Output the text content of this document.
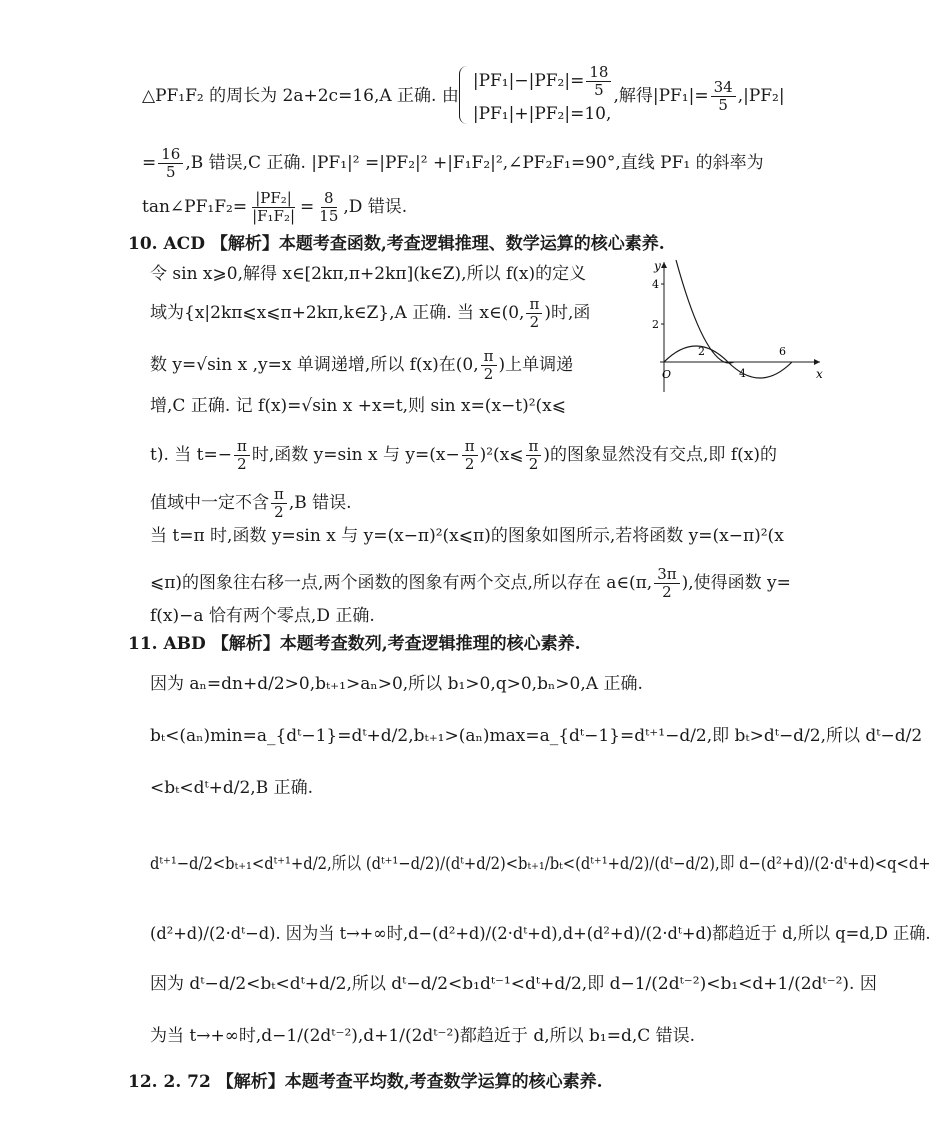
△PF₁F₂ 的周长为 2a+2c=16,A 正确. 由
$|PF_1|-|PF_2|= \frac{18}{5}$
|PF₁|+|PF₂|=10,
,解得$|PF_1|= \frac{34}{5} ,|PF_2|$
= $\frac{16}{5} ,B$ 错误,C 正确. |PF₁|² =|PF₂|² +|F₁F₂|²,∠PF₂F₁=90°,直线 PF₁ 的斜率为
tan∠PF₁F₂= $\frac{\text{|PF₂|}}{\text{|F₁F₂|}} = \frac{8}{15} ,D$ 错误.
10. ACD 【解析】本题考查函数,考查逻辑推理、数学运算的核心素养.
令 sin x⩾0,解得 x∈[2kπ,π+2kπ](k∈Z),所以 f(x)的定义
域为{x|2kπ⩽x⩽π+2kπ,k∈Z},A 正确. 当 x∈(0, $\frac{\pi}{2}$ )时,函
数 y=√sin x ,y=x 单调递增,所以 f(x)在(0, $\frac{\pi}{2}$ )上单调递
增,C 正确. 记 f(x)=√sin x +x=t,则 sin x=(x−t)²(x⩽
t). 当 $t=- \frac{\pi}{2}$ 时,函数 y=sin x 与 $y=(x- \frac{\pi}{2}$ )²(x⩽ $\frac{\pi}{2}$ )的图象显然没有交点,即 f(x)的
值域中一定不含 $\frac{\pi}{2} ,B$ 错误.
当 t=π 时,函数 y=sin x 与 y=(x−π)²(x⩽π)的图象如图所示,若将函数 y=(x−π)²(x
⩽π)的图象往右移一点,两个函数的图象有两个交点,所以存在 a∈(π, $\frac{3\pi}{2}$ ),使得函数 y=
f(x)−a 恰有两个零点,D 正确.
y
x
O
4
2
2
4
6
11. ABD 【解析】本题考查数列,考查逻辑推理的核心素养.
因为 aₙ=dn+d/2>0,bₜ₊₁>aₙ>0,所以 b₁>0,q>0,bₙ>0,A 正确.
bₜ<(aₙ)min=a_{dᵗ−1}=dᵗ+d/2,bₜ₊₁>(aₙ)max=a_{dᵗ−1}=dᵗ⁺¹−d/2,即 bₜ>dᵗ−d/2,所以 dᵗ−d/2
<bₜ<dᵗ+d/2,B 正确.
dᵗ⁺¹−d/2<bₜ₊₁<dᵗ⁺¹+d/2,所以 (dᵗ⁺¹−d/2)/(dᵗ+d/2)<bₜ₊₁/bₜ<(dᵗ⁺¹+d/2)/(dᵗ−d/2),即 d−(d²+d)/(2·dᵗ+d)<q<d+
(d²+d)/(2·dᵗ−d). 因为当 t→+∞时,d−(d²+d)/(2·dᵗ+d),d+(d²+d)/(2·dᵗ+d)都趋近于 d,所以 q=d,D 正确.
因为 dᵗ−d/2<bₜ<dᵗ+d/2,所以 dᵗ−d/2<b₁dᵗ⁻¹<dᵗ+d/2,即 d−1/(2dᵗ⁻²)<b₁<d+1/(2dᵗ⁻²). 因
为当 t→+∞时,d−1/(2dᵗ⁻²),d+1/(2dᵗ⁻²)都趋近于 d,所以 b₁=d,C 错误.
12. 2. 72 【解析】本题考查平均数,考查数学运算的核心素养.
